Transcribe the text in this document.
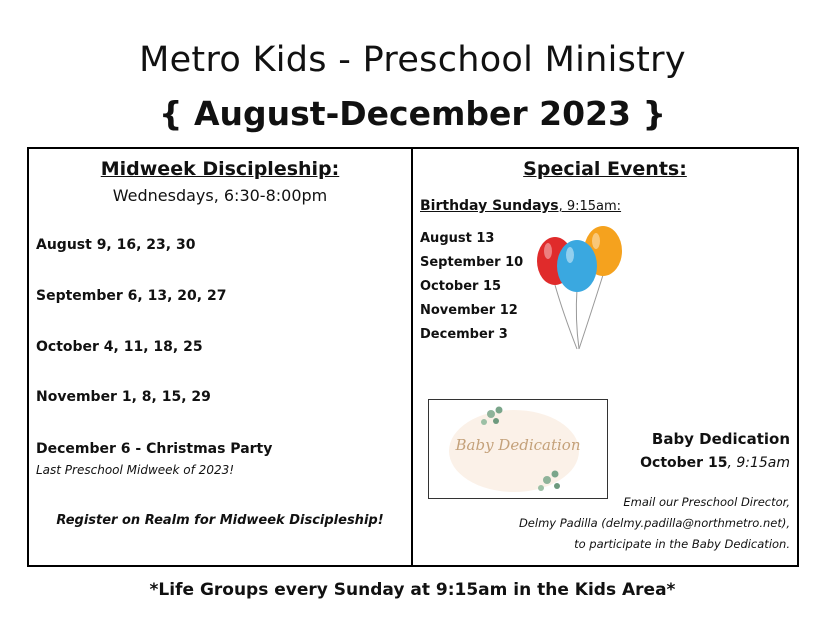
Metro Kids - Preschool Ministry
{ August-December 2023 }
Midweek Discipleship:
Wednesdays, 6:30-8:00pm
August 9, 16, 23, 30
September 6, 13, 20, 27
October 4, 11, 18, 25
November 1, 8, 15, 29
December 6 - Christmas Party
Last Preschool Midweek of 2023!
Register on Realm for Midweek Discipleship!
Special Events:
Birthday Sundays, 9:15am:
August 13
September 10
October 15
November 12
December 3
Baby Dedication	Baby Dedication
October 15, 9:15am
Email our Preschool Director,
Delmy Padilla (delmy.padilla@northmetro.net),
to participate in the Baby Dedication.
*Life Groups every Sunday at 9:15am in the Kids Area*
